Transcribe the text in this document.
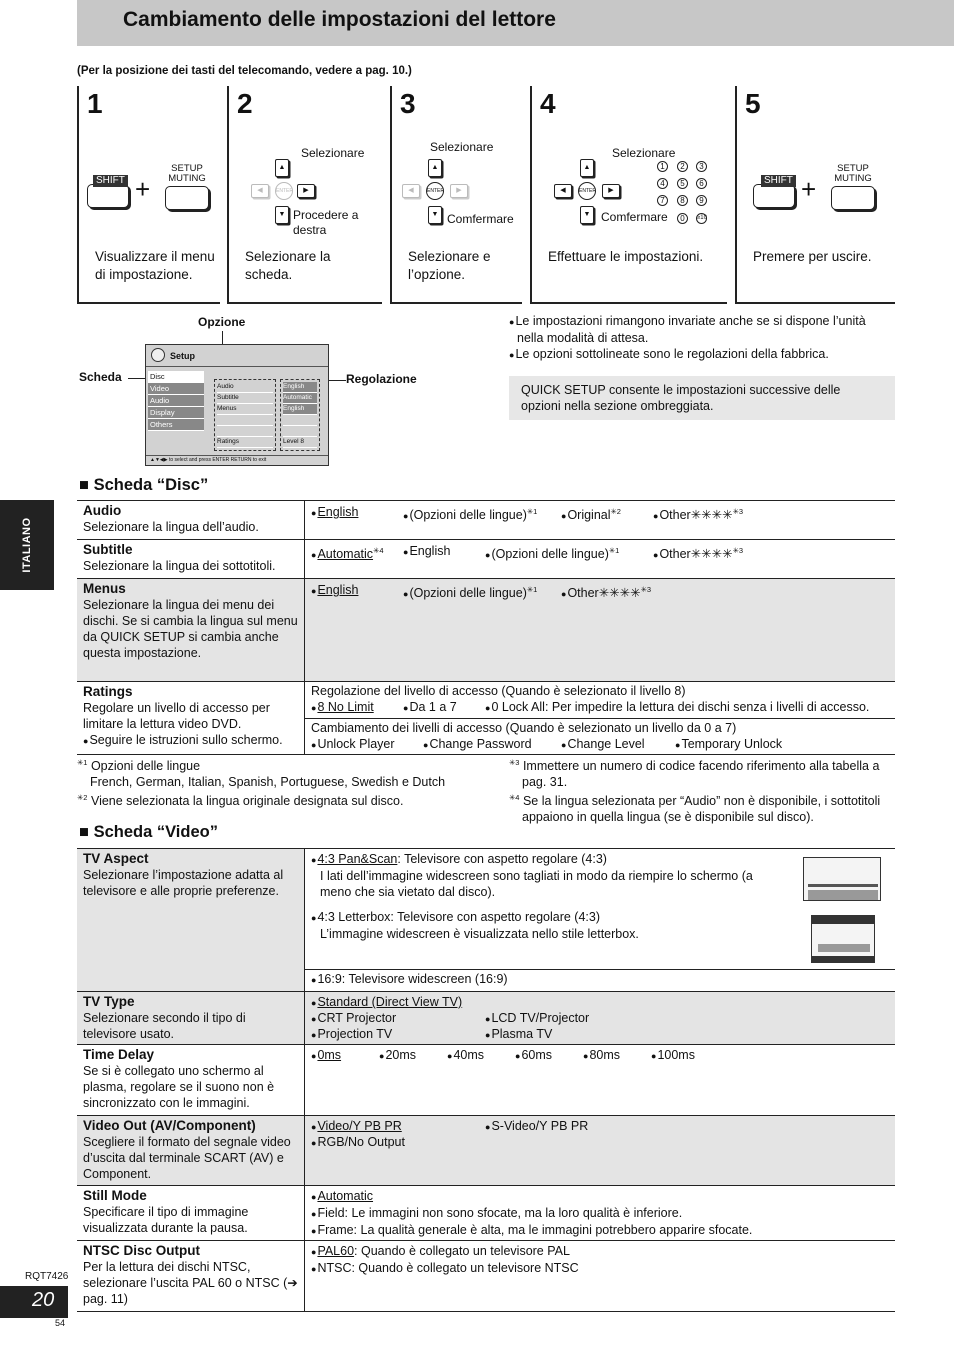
Cambiamento delle impostazioni del lettore
(Per la posizione dei tasti del telecomando, vedere a pag. 10.)
1
SHIFT +
SETUP MUTING
Visualizzare il menu di impostazione.
2
▲
◀	ENTER	▶
▼
Selezionare
Procedere a destra
Selezionare la scheda.
3
▲
◀	ENTER	▶
▼
Selezionare
Comfermare
Selezionare e l’opzione.
4
▲
◀	ENTER	▶
▼
Selezionare
Comfermare
1	2	3
4	5	6
7	8	9
0	≥10
Effettuare le impostazioni.
5
SHIFT +
SETUP MUTING
Premere per uscire.
Opzione
Scheda	Regolazione
Setup
Disc
Video
Audio
Display
Others
Audio
Subtitle
Menus
Ratings
English
Automatic
English
Level 8
▲▼◀▶ to select and press ENTER RETURN to exit
● Le impostazioni rimangono invariate anche se si dispone l’unità nella modalità di attesa.
● Le opzioni sottolineate sono le regolazioni della fabbrica.
QUICK SETUP consente le impostazioni successive delle opzioni nella sezione ombreggiata.
ITALIANO
■ Scheda “Disc”
Audio
Selezionare la lingua dell’audio.
● English ●	(Opzioni delle lingue)$^{✳1}$ ●	Original$^{✳2}$ ●	Other✳✳✳✳$^{✳3}$
Subtitle
Selezionare la lingua dei sottotitoli.
● Automatic$^{✳4}$ ●	English ●	(Opzioni delle lingue)$^{✳1}$ ●	Other✳✳✳✳$^{✳3}$
Menus
Selezionare la lingua dei menu dei dischi. Se si cambia la lingua sul menu da QUICK SETUP si cambia anche questa impostazione.
● English ●	(Opzioni delle lingue)$^{✳1}$ ●	Other✳✳✳✳$^{✳3}$
Ratings
Regolare un livello di accesso per limitare la lettura video DVD.
● Seguire le istruzioni sullo schermo.
Regolazione del livello di accesso (Quando è selezionato il livello 8)
● 8 No Limit ●	Da 1 a 7 ●	0 Lock All: Per impedire la lettura dei dischi senza i livelli di accesso.
Cambiamento dei livelli di accesso (Quando è selezionato un livello da 0 a 7)
● Unlock Player ●	Change Password ●	Change Level ●	Temporary Unlock
$^{✳1}$ Opzioni delle lingue
French, German, Italian, Spanish, Portuguese, Swedish e Dutch
$^{✳2}$ Viene selezionata la lingua originale designata sul disco.
$^{✳3}$ Immettere un numero di codice facendo riferimento alla tabella a pag. 31.
$^{✳4}$ Se la lingua selezionata per “Audio” non è disponibile, i sottotitoli appaiono in quella lingua (se è disponibile sul disco).
■ Scheda “Video”
TV Aspect
Selezionare l’impostazione adatta al televisore e alle proprie preferenze.
● 4:3 Pan&Scan: Televisore con aspetto regolare (4:3)
I lati dell’immagine widescreen sono tagliati in modo da riempire lo schermo (a meno che sia vietato dal disco).
● 4:3 Letterbox: Televisore con aspetto regolare (4:3)
L’immagine widescreen è visualizzata nello stile letterbox.
● 16:9: Televisore widescreen (16:9)
TV Type
Selezionare secondo il tipo di televisore usato.
● Standard (Direct View TV)
● CRT Projector ●	LCD TV/Projector
● Projection TV ●	Plasma TV
Time Delay
Se si è collegato uno schermo al plasma, regolare se il suono non è sincronizzato con le immagini.
● 0ms ●	20ms ●	40ms ●	60ms ●	80ms ●	100ms
Video Out (AV/Component)
Scegliere il formato del segnale video d’uscita dal terminale SCART (AV) e Component.
● Video/Y PB PR ●	S-Video/Y PB PR
● RGB/No Output
Still Mode
Specificare il tipo di immagine visualizzata durante la pausa.
● Automatic
● Field: Le immagini non sono sfocate, ma la loro qualità è inferiore.
● Frame: La qualità generale è alta, ma le immagini potrebbero apparire sfocate.
NTSC Disc Output
Per la lettura dei dischi NTSC, selezionare l’uscita PAL 60 o NTSC (➔ pag. 11)
● PAL60: Quando è collegato un televisore PAL
● NTSC: Quando è collegato un televisore NTSC
RQT7426
20
54
